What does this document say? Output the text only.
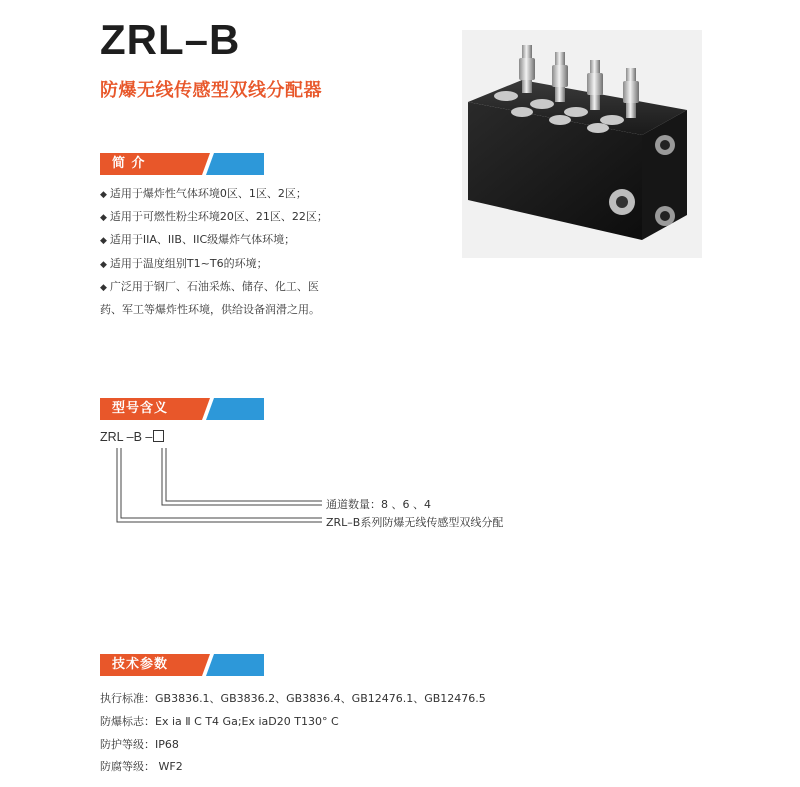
ZRL–B
防爆无线传感型双线分配器
简 介
◆ 适用于爆炸性气体环境0区、1区、2区；
◆ 适用于可燃性粉尘环境20区、21区、22区；
◆ 适用于IIA、IIB、IIC级爆炸气体环境；
◆ 适用于温度组别T1~T6的环境；
◆ 广泛用于钢厂、石油采炼、储存、化工、医
药、军工等爆炸性环境，供给设备润滑之用。
型号含义
ZRL –B –
通道数量：8 、6 、4
ZRL–B系列防爆无线传感型双线分配
技术参数
执行标准：GB3836.1、GB3836.2、GB3836.4、GB12476.1、GB12476.5
防爆标志：Ex ia Ⅱ C T4 Ga;Ex iaD20 T130° C
防护等级：IP68
防腐等级： WF2
